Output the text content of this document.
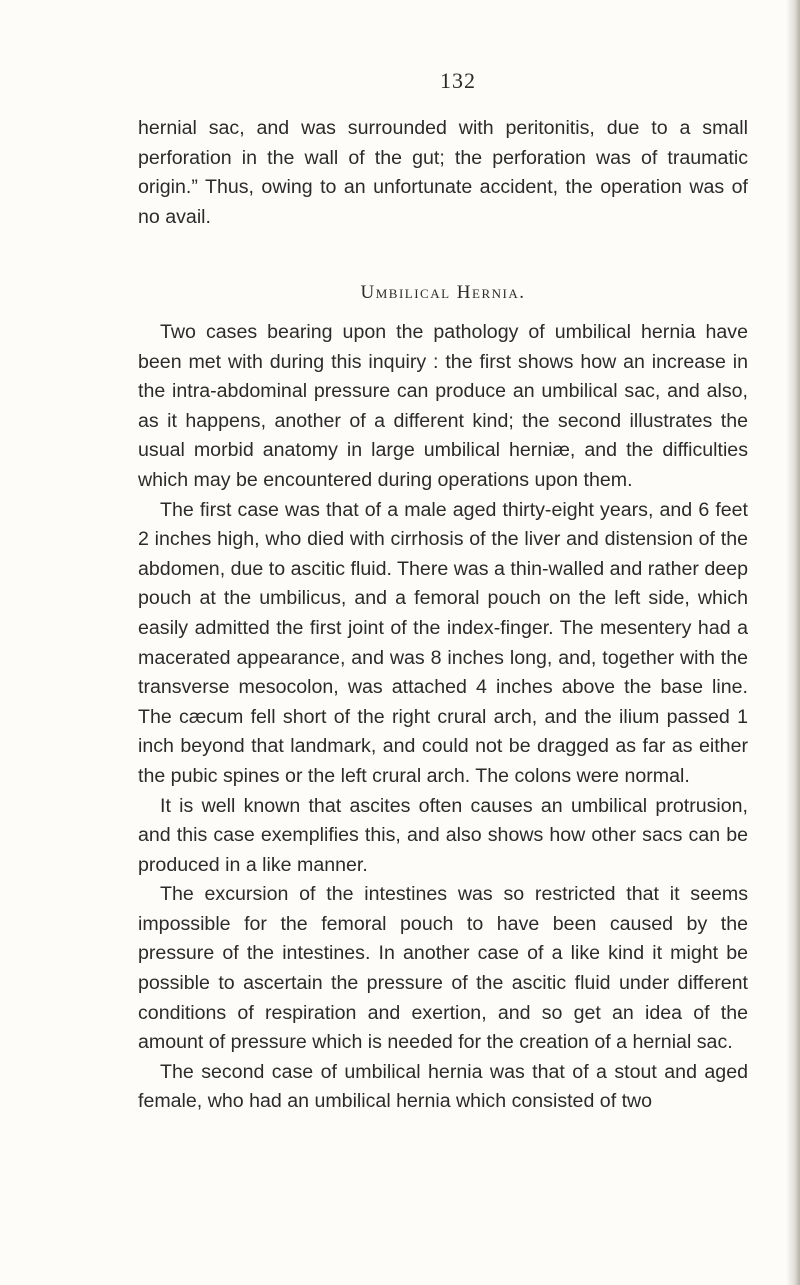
132

hernial sac, and was surrounded with peritonitis, due to a small perforation in the wall of the gut; the perforation was of traumatic origin.” Thus, owing to an unfortunate accident, the operation was of no avail.

Umbilical Hernia.

Two cases bearing upon the pathology of umbilical hernia have been met with during this inquiry : the first shows how an increase in the intra-abdominal pressure can produce an umbilical sac, and also, as it happens, another of a different kind; the second illustrates the usual morbid anatomy in large umbilical herniæ, and the difficulties which may be encountered during operations upon them.

The first case was that of a male aged thirty-eight years, and 6 feet 2 inches high, who died with cirrhosis of the liver and distension of the abdomen, due to ascitic fluid. There was a thin-walled and rather deep pouch at the umbilicus, and a femoral pouch on the left side, which easily admitted the first joint of the index-finger. The mesentery had a macerated appearance, and was 8 inches long, and, together with the transverse mesocolon, was attached 4 inches above the base line. The cæcum fell short of the right crural arch, and the ilium passed 1 inch beyond that landmark, and could not be dragged as far as either the pubic spines or the left crural arch. The colons were normal.

It is well known that ascites often causes an umbilical protrusion, and this case exemplifies this, and also shows how other sacs can be produced in a like manner.

The excursion of the intestines was so restricted that it seems impossible for the femoral pouch to have been caused by the pressure of the intestines. In another case of a like kind it might be possible to ascertain the pressure of the ascitic fluid under different conditions of respiration and exertion, and so get an idea of the amount of pressure which is needed for the creation of a hernial sac.

The second case of umbilical hernia was that of a stout and aged female, who had an umbilical hernia which consisted of two
